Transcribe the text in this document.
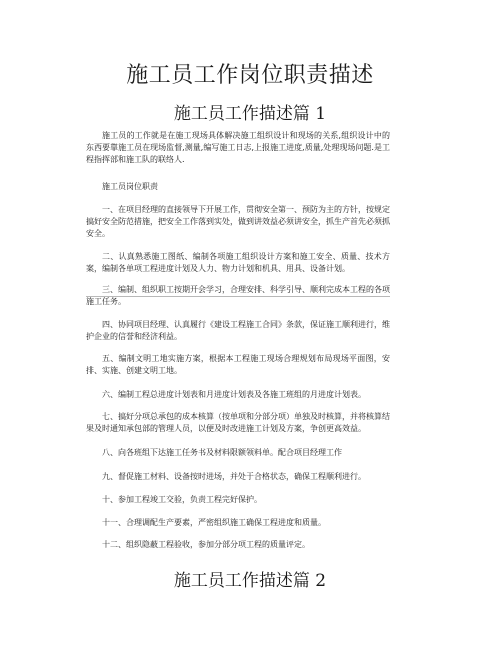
施工员工作岗位职责描述
施工员工作描述篇 1
施工员的工作就是在施工现场具体解决施工组织设计和现场的关系,组织设计中的东西要靠施工员在现场监督,测量,编写施工日志,上报施工进度,质量,处理现场问题.是工程指挥部和施工队的联络人.
施工员岗位职责
一、在项目经理的直接领导下开展工作，贯彻安全第一、预防为主的方针，按规定搞好安全防范措施，把安全工作落到实处，做到讲效益必须讲安全，抓生产首先必须抓安全。
二、认真熟悉施工图纸、编制各项施工组织设计方案和施工安全、质量、技术方案，编制各单项工程进度计划及人力、物力计划和机具、用具、设备计划。
三、编制、组织职工按期开会学习，合理安排、科学引导、顺利完成本工程的各项施工任务。
四、协同项目经理、认真履行《建设工程施工合同》条款，保证施工顺利进行，维护企业的信誉和经济利益。
五、编制文明工地实施方案，根据本工程施工现场合理规划布局现场平面图，安排、实施、创建文明工地。
六、编制工程总进度计划表和月进度计划表及各施工班组的月进度计划表。
七、搞好分项总承包的成本核算（按单项和分部分项）单独及时核算，并将核算结果及时通知承包部的管理人员，以便及时改进施工计划及方案，争创更高效益。
八、向各班组下达施工任务书及材料限额领料单。配合项目经理工作
九、督促施工材料、设备按时进场，并处于合格状态，确保工程顺利进行。
十、参加工程竣工交验，负责工程完好保护。
十一、合理调配生产要素，严密组织施工确保工程进度和质量。
十二、组织隐蔽工程验收，参加分部分项工程的质量评定。
施工员工作描述篇 2
